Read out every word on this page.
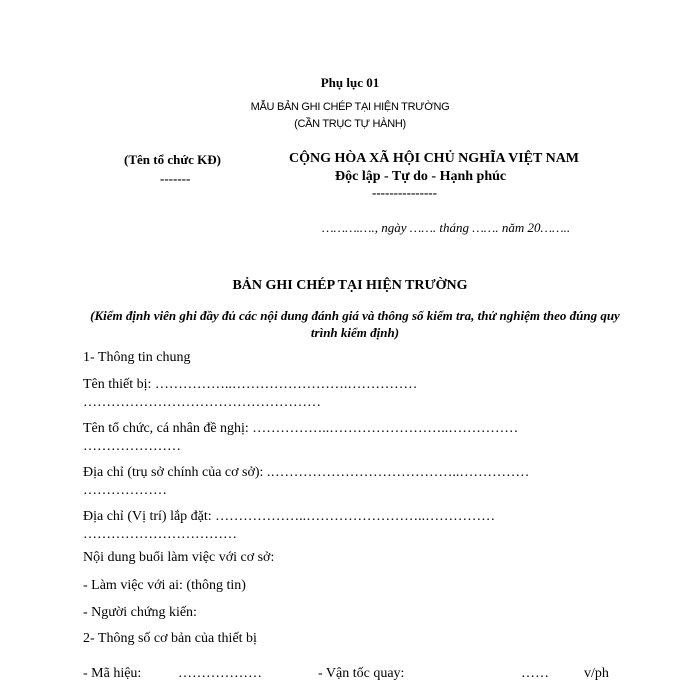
Phụ lục 01
MẪU BẢN GHI CHÉP TẠI HIỆN TRƯỜNG
(CẦN TRỤC TỰ HÀNH)
(Tên tổ chức KĐ)
-------
CỘNG HÒA XÃ HỘI CHỦ NGHĨA VIỆT NAM
Độc lập - Tự do - Hạnh phúc
---------------
……….…., ngày ……. tháng ……. năm 20……..
BẢN GHI CHÉP TẠI HIỆN TRƯỜNG
(Kiểm định viên ghi đầy đủ các nội dung đánh giá và thông số kiểm tra, thử nghiệm theo đúng quy trình kiểm định)
1- Thông tin chung
Tên thiết bị: ……………..…………………….……………
……………………………………………
Tên tổ chức, cá nhân đề nghị: ……………..……………………..……………
…………………
Địa chỉ (trụ sở chính của cơ sở): .…………………………………..……………
………………
Địa chỉ (Vị trí) lắp đặt: ………………..……………………..……………
……………………………
Nội dung buổi làm việc với cơ sở:
- Làm việc với ai: (thông tin)
- Người chứng kiến:
2- Thông số cơ bản của thiết bị
- Mã hiệu:	………………	- Vận tốc quay:	……	v/ph
